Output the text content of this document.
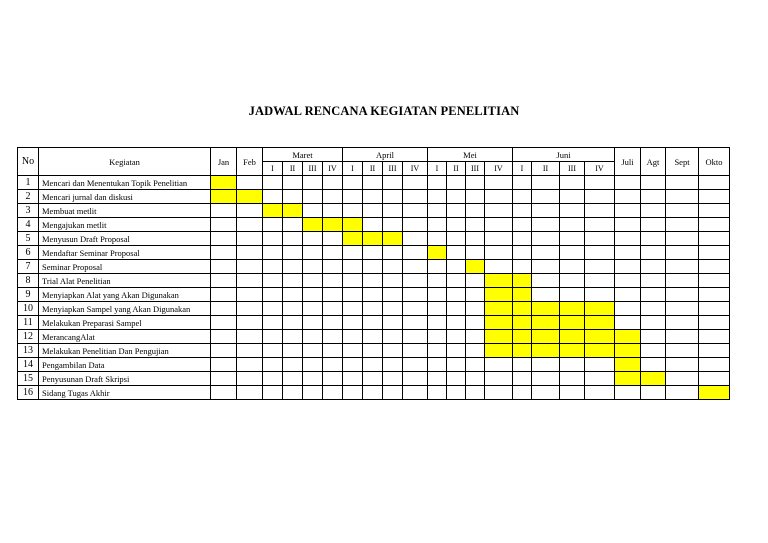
JADWAL RENCANA KEGIATAN PENELITIAN
No	Kegiatan	Jan	Feb	Maret				April				Mei				Juni				Juli	Agt	Sept	Okto
				I	II	III	IV	I	II	III	IV	I	II	III	IV	I	II	III	IV				
1	Mencari dan Menentukan Topik Penelitian																						
2	Mencari jurnal dan diskusi																						
3	Membuat metlit																						
4	Mengajukan metlit																						
5	Menyusun Draft Proposal																						
6	Mendaftar Seminar Proposal																						
7	Seminar Proposal																						
8	Trial Alat Penelitian																						
9	Menyiapkan Alat yang Akan Digunakan																						
10	Menyiapkan Sampel yang Akan Digunakan																						
11	Melakukan Preparasi Sampel																						
12	MerancangAlat																						
13	Melakukan Penelitian Dan Pengujian																						
14	Pengambilan Data																						
15	Penyusunan Draft Skripsi																						
16	Sidang Tugas Akhir																						
